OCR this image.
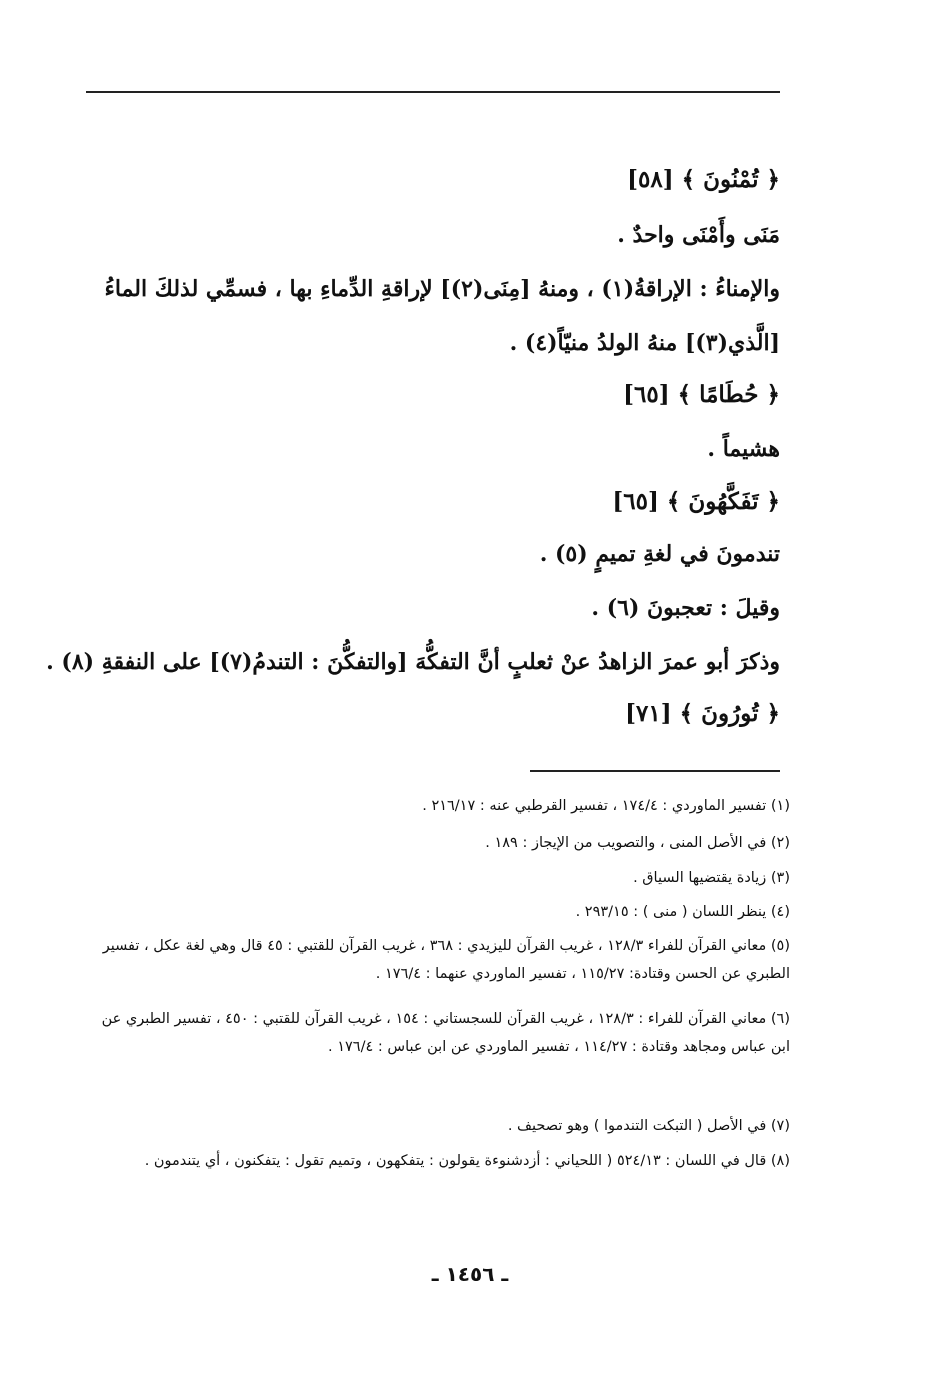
﴿ تُمْنُونَ ﴾ [٥٨]
مَنَى وأَمْنَى واحدٌ .
والإمناءُ : الإراقةُ(١) ، ومنهُ [مِنَى(٢)] لإراقةِ الدِّماءِ بها ، فسمِّي لذلكَ الماءُ
[الَّذي(٣)] منهُ الولدُ منيّاً(٤) .
﴿ حُطَامًا ﴾ [٦٥]
هشيماً .
﴿ تَفَكَّهُونَ ﴾ [٦٥]
تندمونَ في لغةِ تميمٍ (٥) .
وقيلَ : تعجبونَ (٦) .
وذكرَ أبو عمرَ الزاهدُ عنْ ثعلبٍ أنَّ التفكُّهَ [والتفكُّنَ : التندمُ(٧)] على النفقةِ (٨) .
﴿ تُورُونَ ﴾ [٧١]
(١) تفسير الماوردي : ١٧٤/٤ ، تفسير القرطبي عنه : ٢١٦/١٧ .
(٢) في الأصل المنى ، والتصويب من الإيجاز : ١٨٩ .
(٣) زيادة يقتضيها السياق .
(٤) ينظر اللسان ( منى ) : ٢٩٣/١٥ .
(٥) معاني القرآن للفراء ١٢٨/٣ ، غريب القرآن لليزيدي : ٣٦٨ ، غريب القرآن للقتبي : ٤٥ قال وهي لغة عكل ، تفسير الطبري عن الحسن وقتادة: ١١٥/٢٧ ، تفسير الماوردي عنهما : ١٧٦/٤ .
(٦) معاني القرآن للفراء : ١٢٨/٣ ، غريب القرآن للسجستاني : ١٥٤ ، غريب القرآن للقتبي : ٤٥٠ ، تفسير الطبري عن ابن عباس ومجاهد وقتادة : ١١٤/٢٧ ، تفسير الماوردي عن ابن عباس : ١٧٦/٤ .
(٧) في الأصل ( التبكت التندموا ) وهو تصحيف .
(٨) قال في اللسان : ٥٢٤/١٣ ( اللحياني : أزدشنوءة يقولون : يتفكهون ، وتميم تقول : يتفكنون ، أي يتندمون .
ـ ١٤٥٦ ـ
